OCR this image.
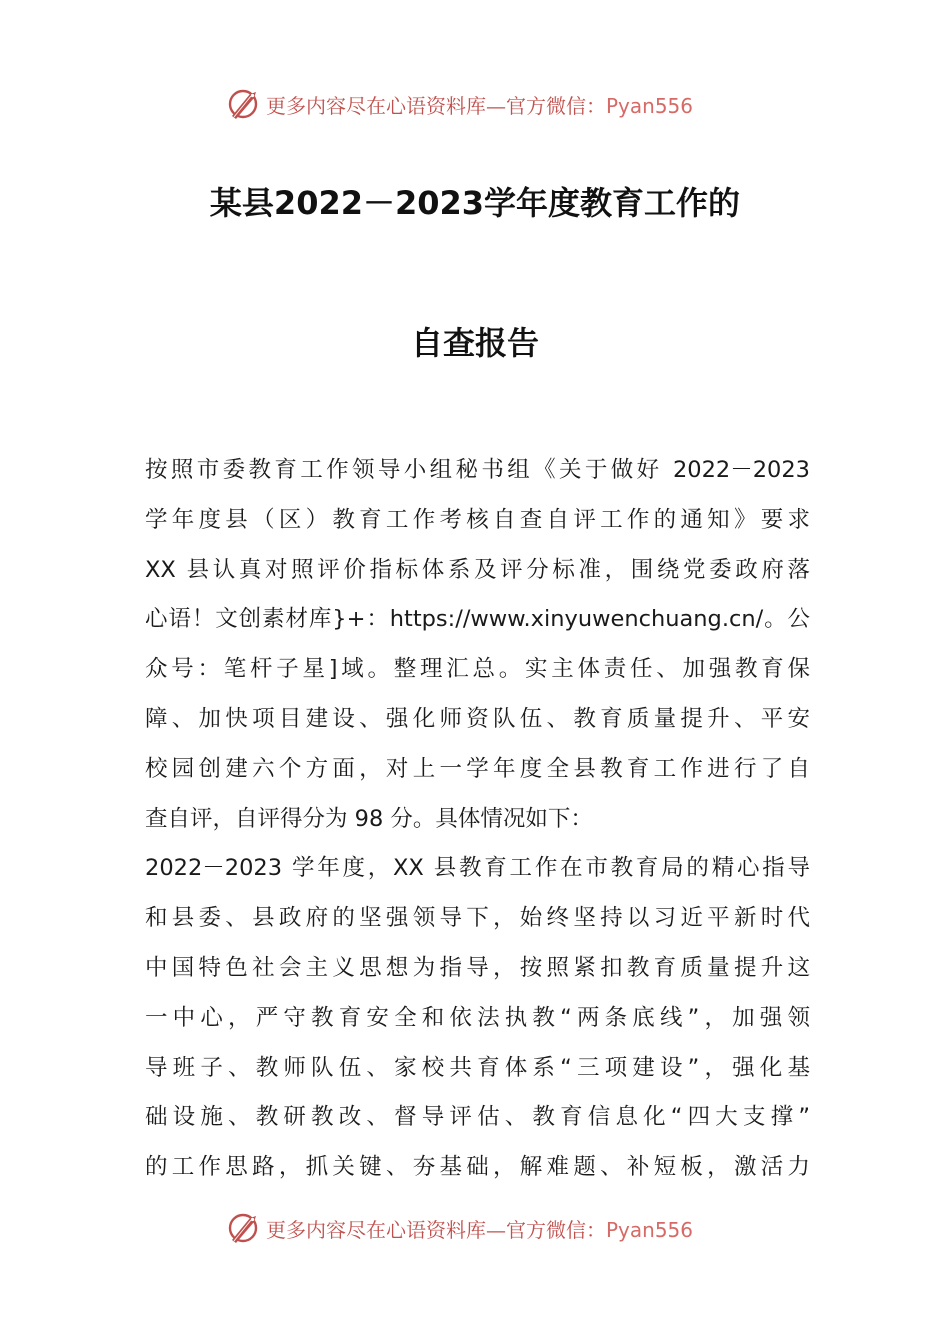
更多内容尽在心语资料库—官方微信：Pyan556
某县2022－2023学年度教育工作的
自查报告
按照市委教育工作领导小组秘书组《关于做好 2022－2023
学年度县（区）教育工作考核自查自评工作的通知》要求
XX 县认真对照评价指标体系及评分标准，围绕党委政府落
心语！文创素材库}+：https://www.xinyuwenchuang.cn/。公
众号：笔杆子星]域。整理汇总。实主体责任、加强教育保
障、加快项目建设、强化师资队伍、教育质量提升、平安
校园创建六个方面，对上一学年度全县教育工作进行了自
查自评，自评得分为 98 分。具体情况如下：
2022－2023 学年度，XX 县教育工作在市教育局的精心指导
和县委、县政府的坚强领导下，始终坚持以习近平新时代
中国特色社会主义思想为指导，按照紧扣教育质量提升这
一中心，严守教育安全和依法执教“两条底线”，加强领
导班子、教师队伍、家校共育体系“三项建设”，强化基
础设施、教研教改、督导评估、教育信息化“四大支撑”
的工作思路，抓关键、夯基础，解难题、补短板，激活力
更多内容尽在心语资料库—官方微信：Pyan556
